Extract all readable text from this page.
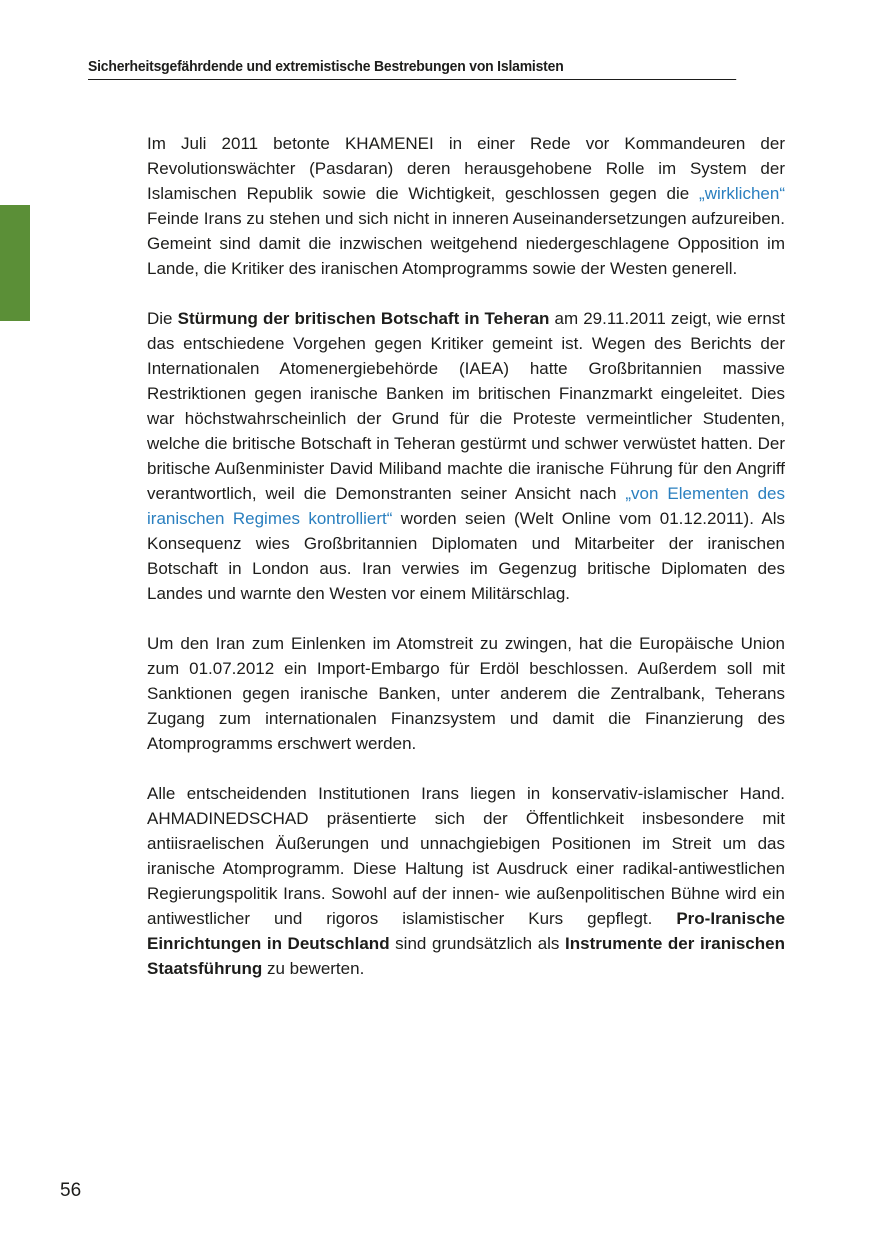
Sicherheitsgefährdende und extremistische Bestrebungen von Islamisten

Im Juli 2011 betonte KHAMENEI in einer Rede vor Kommandeuren der Revolutionswächter (Pasdaran) deren herausgehobene Rolle im System der Islamischen Republik sowie die Wichtigkeit, geschlossen gegen die „wirklichen“ Feinde Irans zu stehen und sich nicht in inneren Auseinandersetzungen aufzureiben. Gemeint sind damit die inzwischen weitgehend niedergeschlagene Opposition im Lande, die Kritiker des iranischen Atomprogramms sowie der Westen generell.

Die Stürmung der britischen Botschaft in Teheran am 29.11.2011 zeigt, wie ernst das entschiedene Vorgehen gegen Kritiker gemeint ist. Wegen des Berichts der Internationalen Atomenergiebehörde (IAEA) hatte Großbritannien massive Restriktionen gegen iranische Banken im britischen Finanzmarkt eingeleitet. Dies war höchstwahrscheinlich der Grund für die Proteste vermeintlicher Studenten, welche die britische Botschaft in Teheran gestürmt und schwer verwüstet hatten. Der britische Außenminister David Miliband machte die iranische Führung für den Angriff verantwortlich, weil die Demonstranten seiner Ansicht nach „von Elementen des iranischen Regimes kontrolliert“ worden seien (Welt Online vom 01.12.2011). Als Konsequenz wies Großbritannien Diplomaten und Mitarbeiter der iranischen Botschaft in London aus. Iran verwies im Gegenzug britische Diplomaten des Landes und warnte den Westen vor einem Militärschlag.

Um den Iran zum Einlenken im Atomstreit zu zwingen, hat die Europäische Union zum 01.07.2012 ein Import-Embargo für Erdöl beschlossen. Außerdem soll mit Sanktionen gegen iranische Banken, unter anderem die Zentralbank, Teherans Zugang zum internationalen Finanzsystem und damit die Finanzierung des Atomprogramms erschwert werden.

Alle entscheidenden Institutionen Irans liegen in konservativ-islamischer Hand. AHMADINEDSCHAD präsentierte sich der Öffentlichkeit insbesondere mit antiisraelischen Äußerungen und unnachgiebigen Positionen im Streit um das iranische Atomprogramm. Diese Haltung ist Ausdruck einer radikal-antiwestlichen Regierungspolitik Irans. Sowohl auf der innen- wie außenpolitischen Bühne wird ein antiwestlicher und rigoros islamistischer Kurs gepflegt. Pro-Iranische Einrichtungen in Deutschland sind grundsätzlich als Instrumente der iranischen Staatsführung zu bewerten.

56
